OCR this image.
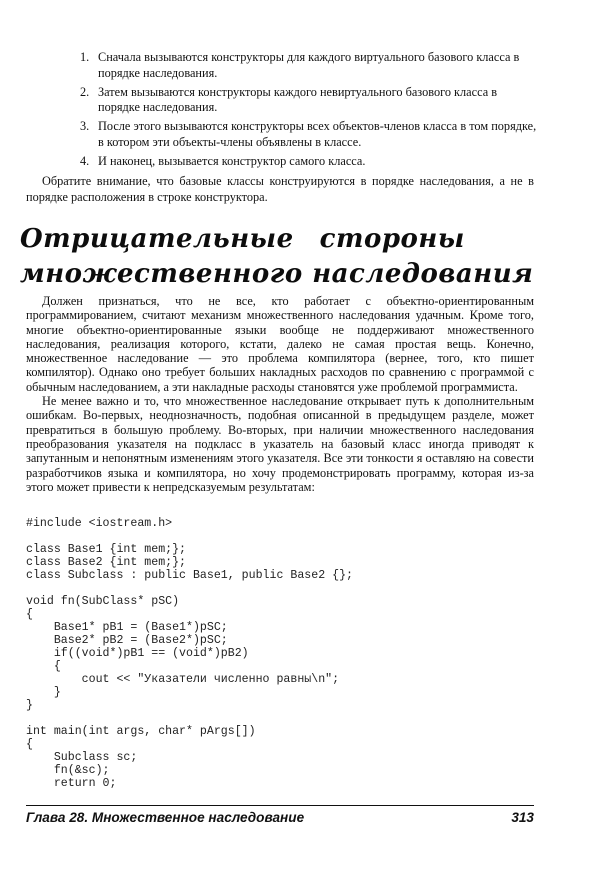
1. Сначала вызываются конструкторы для каждого виртуального базового класса в порядке наследования.
2. Затем вызываются конструкторы каждого невиртуального базового класса в порядке наследования.
3. После этого вызываются конструкторы всех объектов-членов класса в том порядке, в котором эти объекты-члены объявлены в классе.
4. И наконец, вызывается конструктор самого класса.

Обратите внимание, что базовые классы конструируются в порядке наследования, а не в порядке расположения в строке конструктора.

Отрицательные стороны
множественного наследования

Должен признаться, что не все, кто работает с объектно-ориентированным программированием, считают механизм множественного наследования удачным. Кроме того, многие объектно-ориентированные языки вообще не поддерживают множественного наследования, реализация которого, кстати, далеко не самая простая вещь. Конечно, множественное наследование — это проблема компилятора (вернее, того, кто пишет компилятор). Однако оно требует больших накладных расходов по сравнению с программой с обычным наследованием, а эти накладные расходы становятся уже проблемой программиста.

Не менее важно и то, что множественное наследование открывает путь к дополнительным ошибкам. Во-первых, неоднозначность, подобная описанной в предыдущем разделе, может превратиться в большую проблему. Во-вторых, при наличии множественного наследования преобразования указателя на подкласс в указатель на базовый класс иногда приводят к запутанным и непонятным изменениям этого указателя. Все эти тонкости я оставляю на совести разработчиков языка и компилятора, но хочу продемонстрировать программу, которая из-за этого может привести к непредсказуемым результатам:

#include <iostream.h>

class Base1 {int mem;};
class Base2 {int mem;};
class Subclass : public Base1, public Base2 {};

void fn(SubClass* pSC)
{
Base1* pB1 = (Base1*)pSC;
Base2* pB2 = (Base2*)pSC;
if((void*)pB1 == (void*)pB2)
{
cout << "Указатели численно равны\n";
}
}

int main(int args, char* pArgs[])
{
Subclass sc;
fn(&sc);
return 0;
Глава 28. Множественное наследование	313
